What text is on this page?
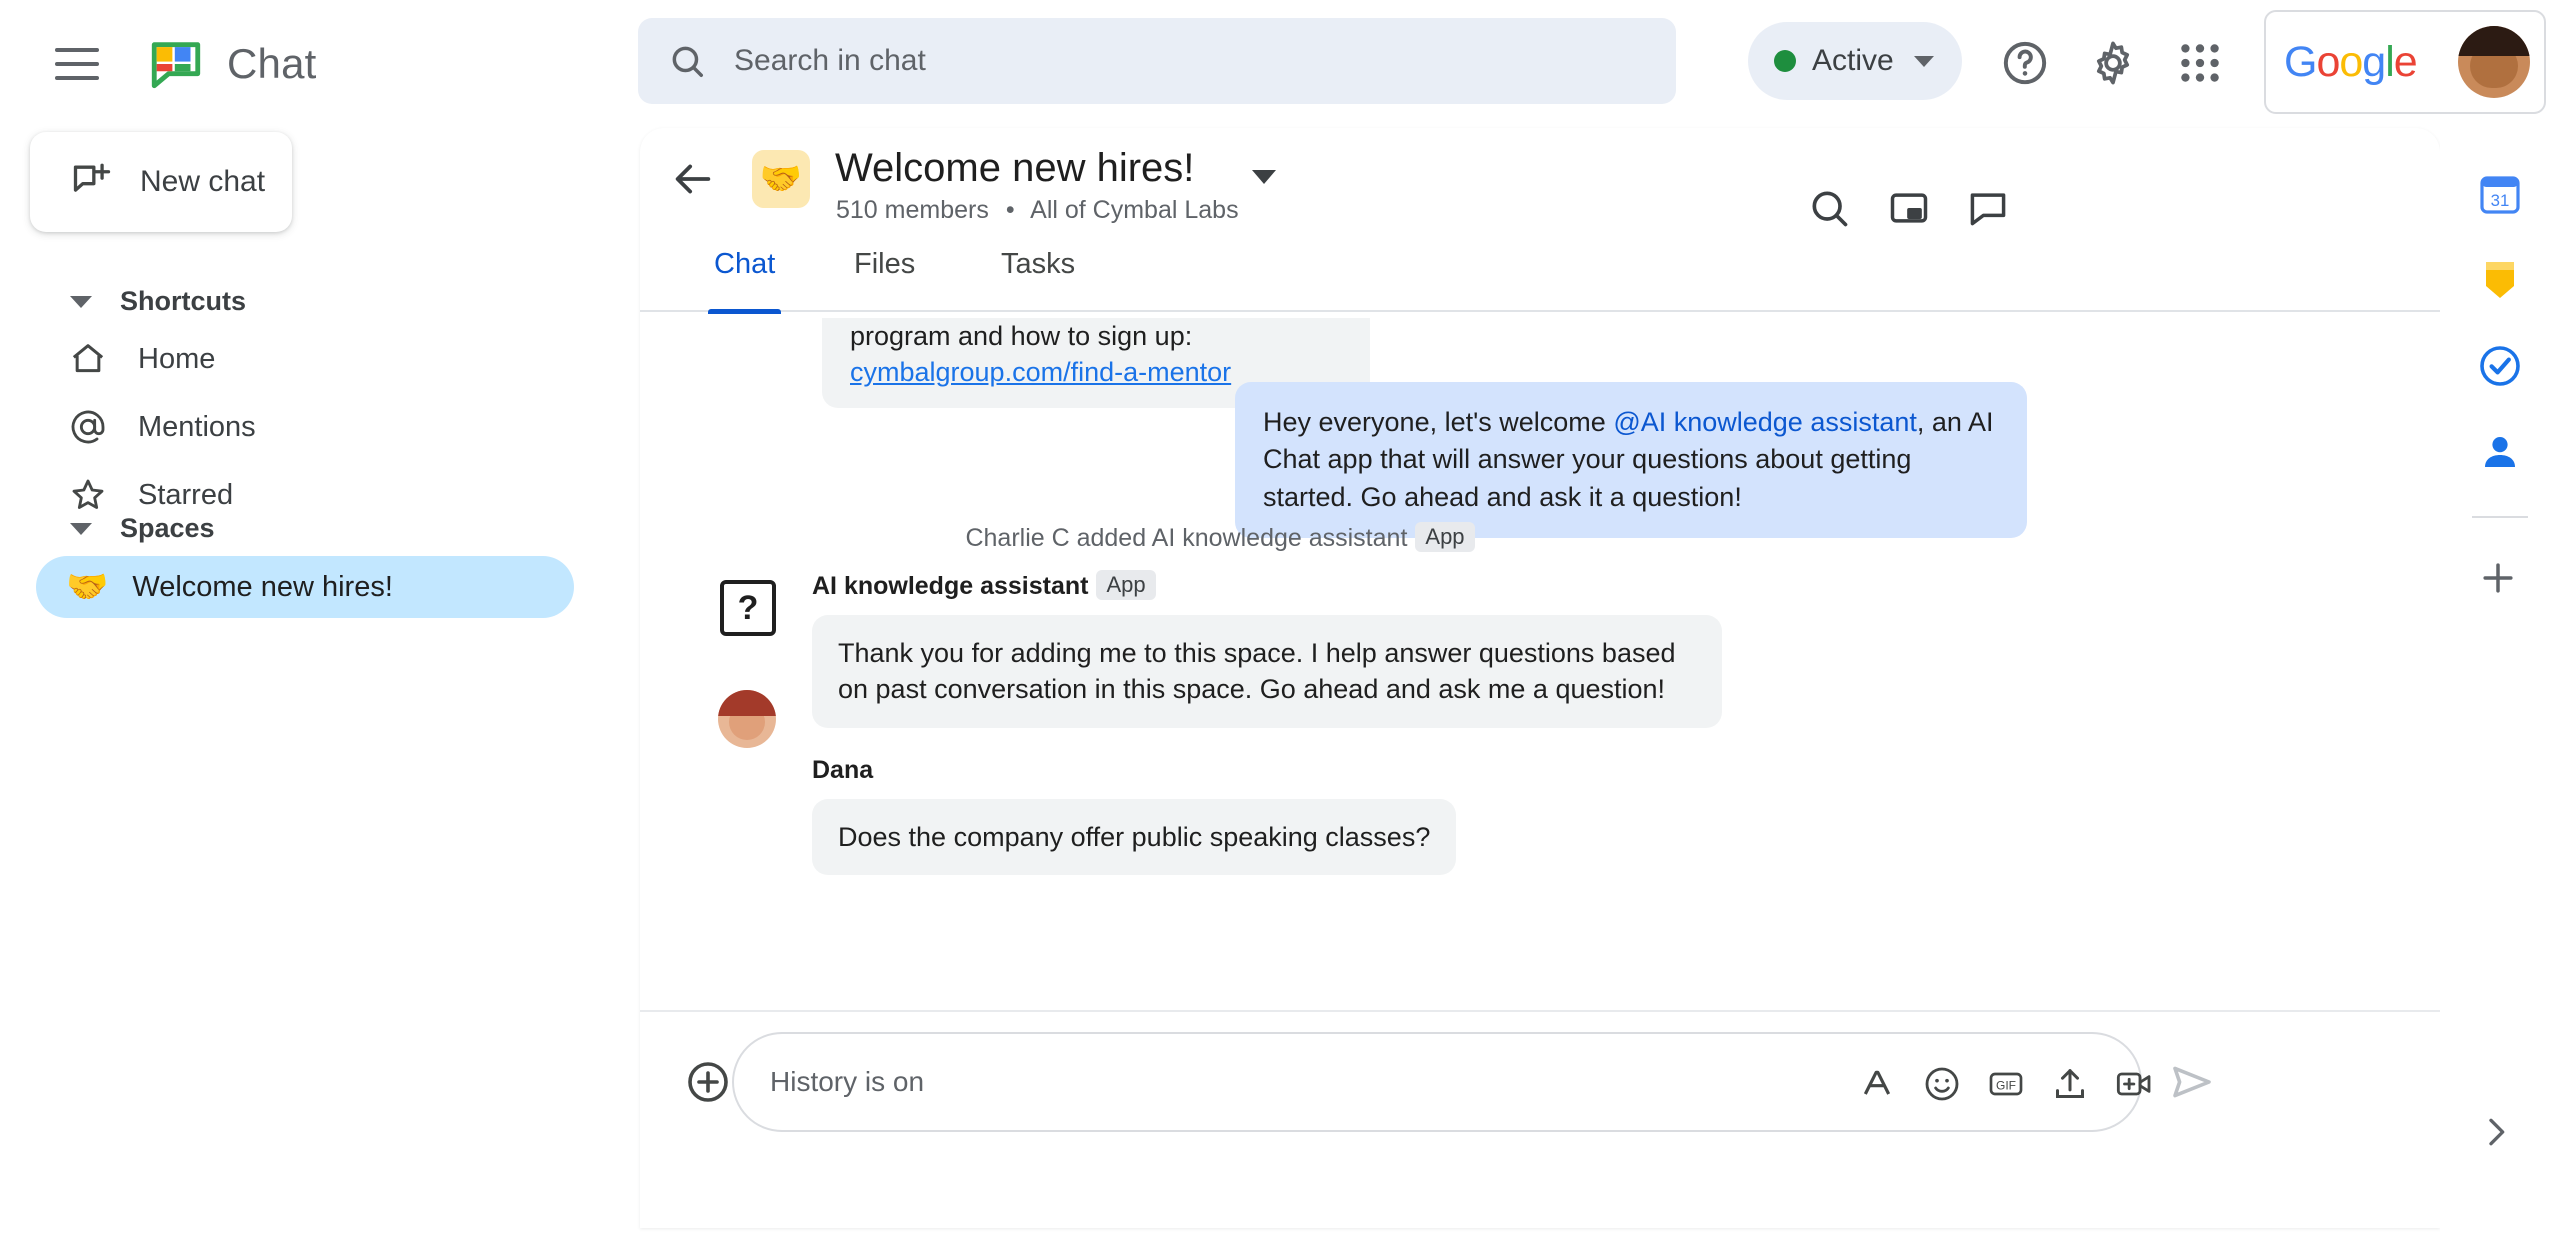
Chat
Search in chat	Active	Google
New chat
Shortcuts
Home
Mentions
Starred
Spaces
🤝 Welcome new hires!
🤝 Welcome new hires!
510 members • All of Cymbal Labs
Chat	Files	Tasks
program and how to sign up:
cymbalgroup.com/find-a-mentor
Hey everyone, let's welcome @AI knowledge assistant, an AI Chat app that will answer your questions about getting started. Go ahead and ask it a question!
Charlie C added AI knowledge assistant App
?
AI knowledge assistant App
Thank you for adding me to this space. I help answer questions based on past conversation in this space. Go ahead and ask me a question!
Dana
Does the company offer public speaking classes?
History is on
GIF
31
